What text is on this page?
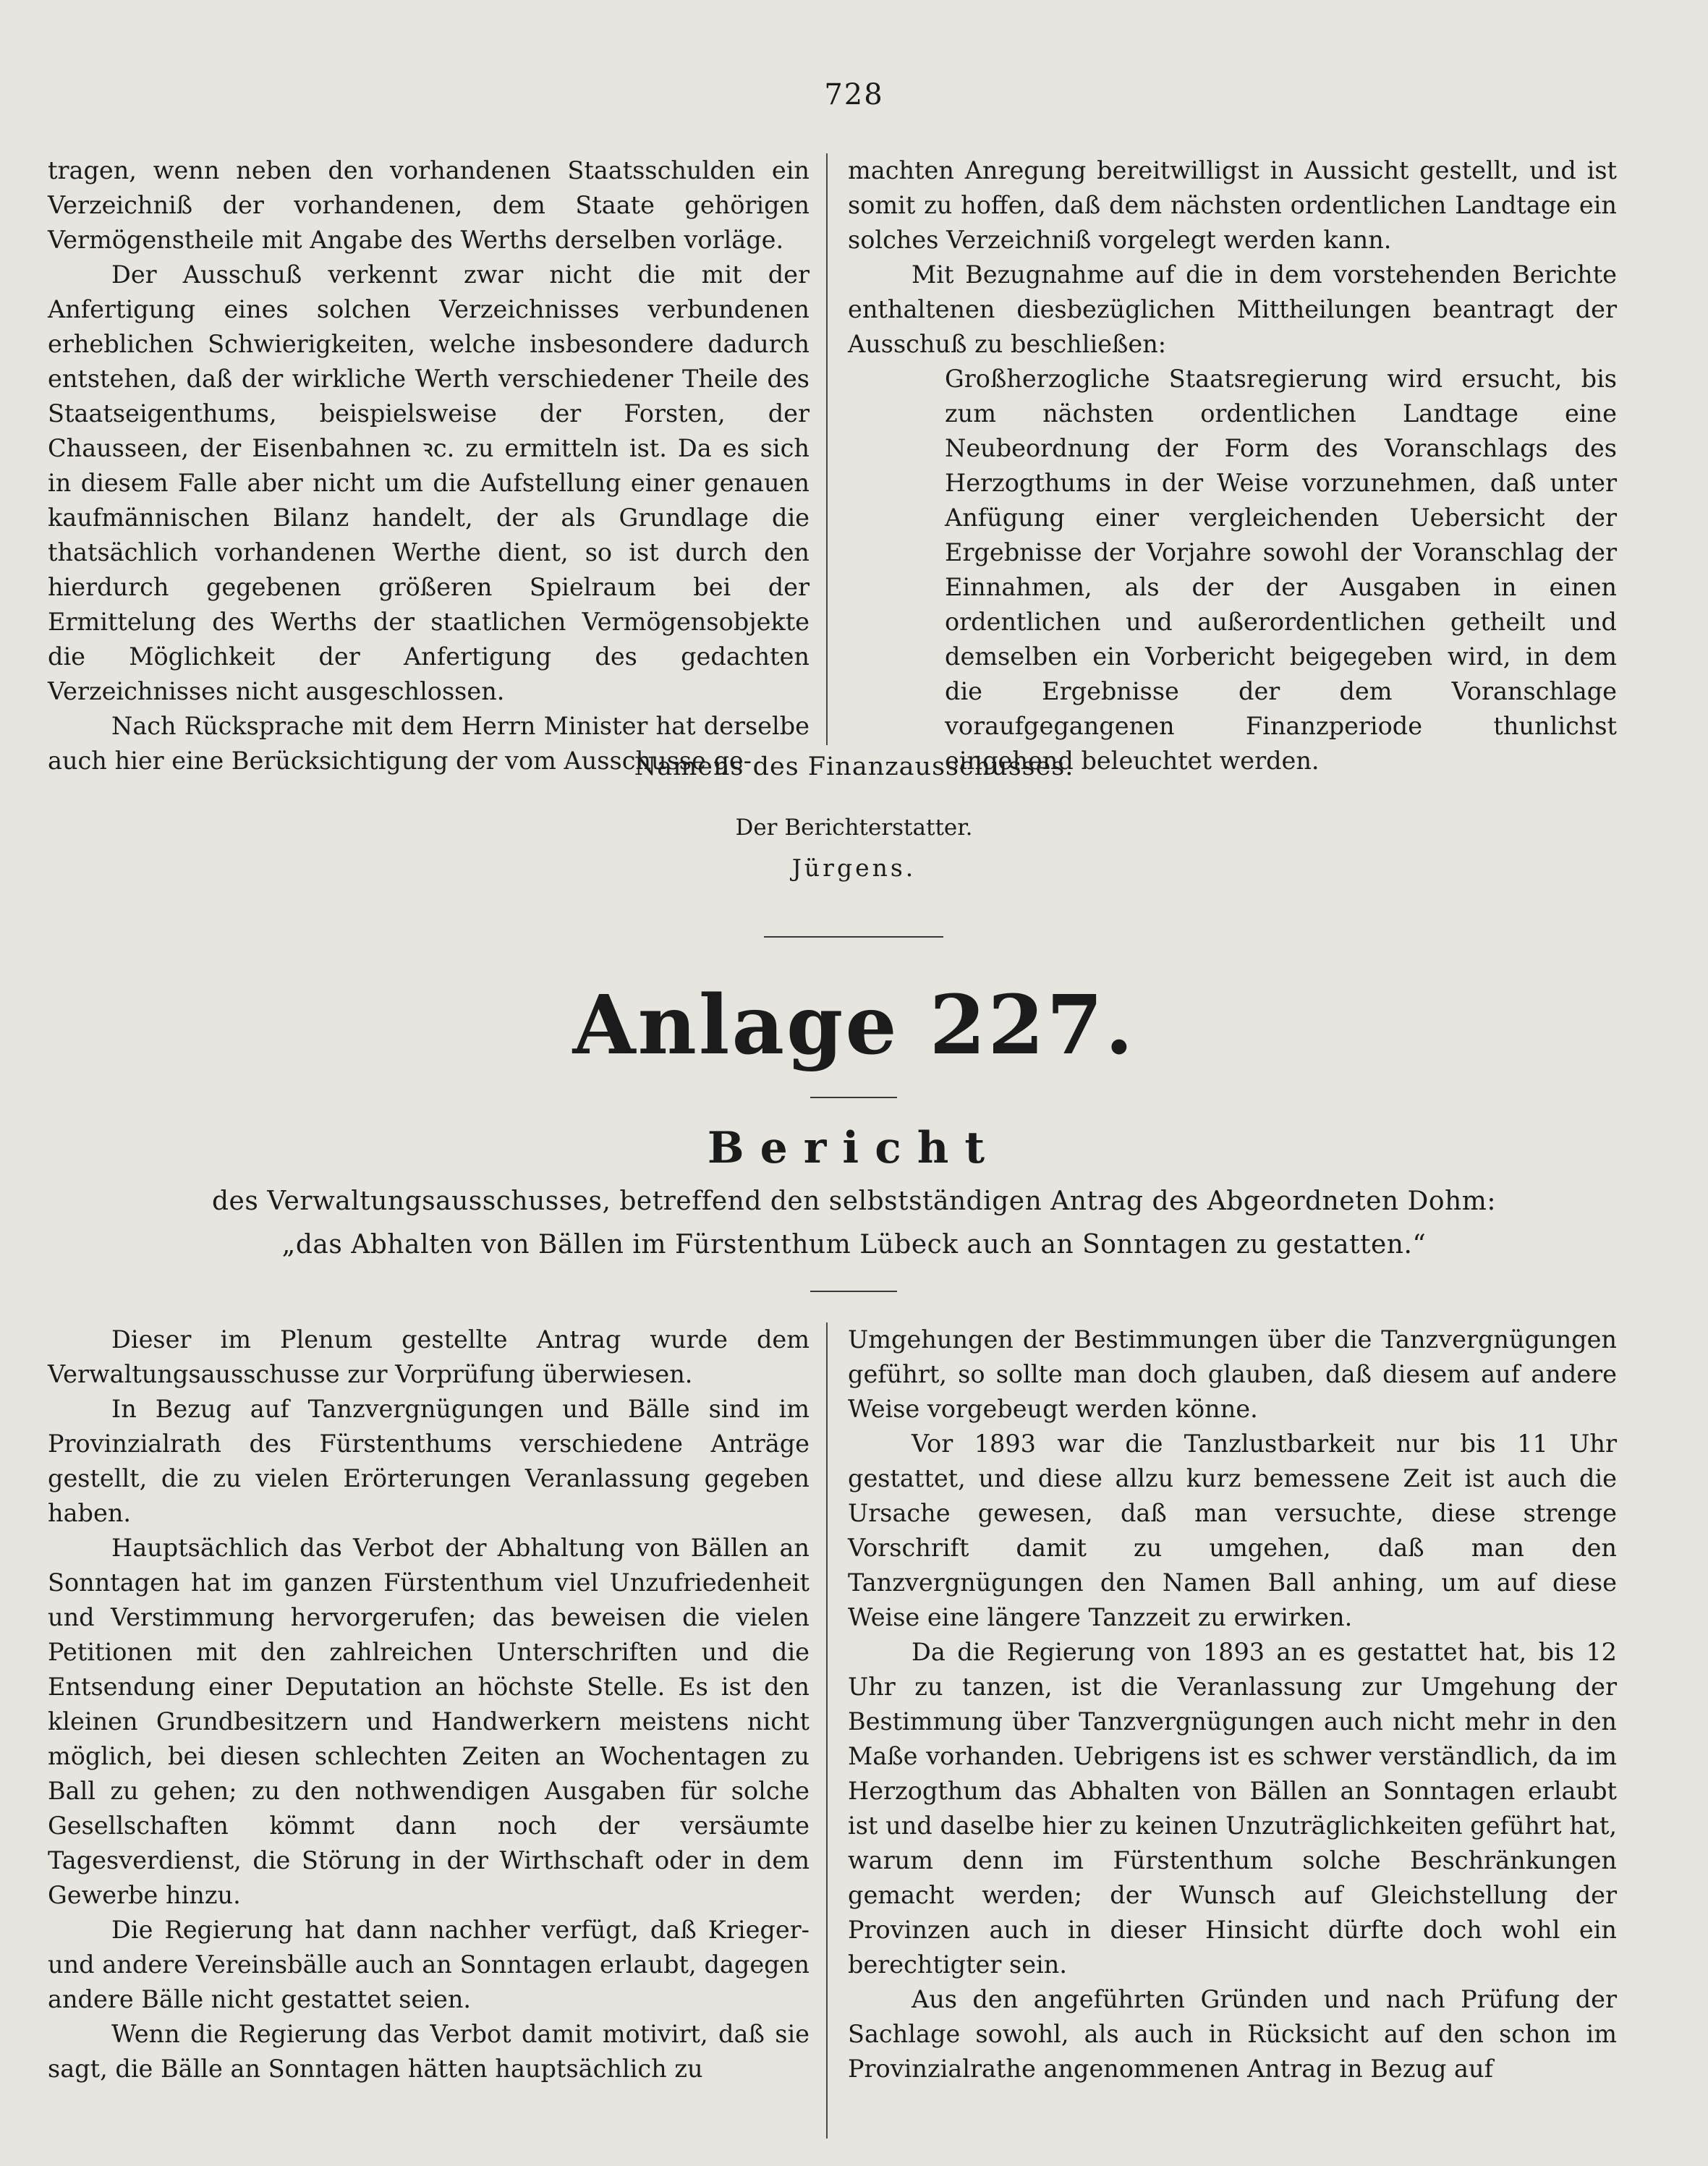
728

tragen, wenn neben den vorhandenen Staatsschulden ein Verzeichniß der vorhandenen, dem Staate gehörigen Vermögenstheile mit Angabe des Werths derselben vorläge.

Der Ausschuß verkennt zwar nicht die mit der Anfertigung eines solchen Verzeichnisses verbundenen erheblichen Schwierigkeiten, welche insbesondere dadurch entstehen, daß der wirkliche Werth verschiedener Theile des Staatseigenthums, beispielsweise der Forsten, der Chausseen, der Eisenbahnen ꝛc. zu ermitteln ist. Da es sich in diesem Falle aber nicht um die Aufstellung einer genauen kaufmännischen Bilanz handelt, der als Grundlage die thatsächlich vorhandenen Werthe dient, so ist durch den hierdurch gegebenen größeren Spielraum bei der Ermittelung des Werths der staatlichen Vermögensobjekte die Möglichkeit der Anfertigung des gedachten Verzeichnisses nicht ausgeschlossen.

Nach Rücksprache mit dem Herrn Minister hat derselbe auch hier eine Berücksichtigung der vom Ausschusse ge-

machten Anregung bereitwilligst in Aussicht gestellt, und ist somit zu hoffen, daß dem nächsten ordentlichen Landtage ein solches Verzeichniß vorgelegt werden kann.

Mit Bezugnahme auf die in dem vorstehenden Berichte enthaltenen diesbezüglichen Mittheilungen beantragt der Ausschuß zu beschließen:

Großherzogliche Staatsregierung wird ersucht, bis zum nächsten ordentlichen Landtage eine Neubeordnung der Form des Voranschlags des Herzogthums in der Weise vorzunehmen, daß unter Anfügung einer vergleichenden Uebersicht der Ergebnisse der Vorjahre sowohl der Voranschlag der Einnahmen, als der der Ausgaben in einen ordentlichen und außerordentlichen getheilt und demselben ein Vorbericht beigegeben wird, in dem die Ergebnisse der dem Voranschlage voraufgegangenen Finanzperiode thunlichst eingehend beleuchtet werden.

Namens des Finanzausschusses.
Der Berichterstatter.
Jürgens.
Anlage 227.
Bericht
des Verwaltungsausschusses, betreffend den selbstständigen Antrag des Abgeordneten Dohm:
„das Abhalten von Bällen im Fürstenthum Lübeck auch an Sonntagen zu gestatten.“

Dieser im Plenum gestellte Antrag wurde dem Verwaltungsausschusse zur Vorprüfung überwiesen.

In Bezug auf Tanzvergnügungen und Bälle sind im Provinzialrath des Fürstenthums verschiedene Anträge gestellt, die zu vielen Erörterungen Veranlassung gegeben haben.

Hauptsächlich das Verbot der Abhaltung von Bällen an Sonntagen hat im ganzen Fürstenthum viel Unzufriedenheit und Verstimmung hervorgerufen; das beweisen die vielen Petitionen mit den zahlreichen Unterschriften und die Entsendung einer Deputation an höchste Stelle. Es ist den kleinen Grundbesitzern und Handwerkern meistens nicht möglich, bei diesen schlechten Zeiten an Wochentagen zu Ball zu gehen; zu den nothwendigen Ausgaben für solche Gesellschaften kömmt dann noch der versäumte Tagesverdienst, die Störung in der Wirthschaft oder in dem Gewerbe hinzu.

Die Regierung hat dann nachher verfügt, daß Krieger- und andere Vereinsbälle auch an Sonntagen erlaubt, dagegen andere Bälle nicht gestattet seien.

Wenn die Regierung das Verbot damit motivirt, daß sie sagt, die Bälle an Sonntagen hätten hauptsächlich zu

Umgehungen der Bestimmungen über die Tanzvergnügungen geführt, so sollte man doch glauben, daß diesem auf andere Weise vorgebeugt werden könne.

Vor 1893 war die Tanzlustbarkeit nur bis 11 Uhr gestattet, und diese allzu kurz bemessene Zeit ist auch die Ursache gewesen, daß man versuchte, diese strenge Vorschrift damit zu umgehen, daß man den Tanzvergnügungen den Namen Ball anhing, um auf diese Weise eine längere Tanzzeit zu erwirken.

Da die Regierung von 1893 an es gestattet hat, bis 12 Uhr zu tanzen, ist die Veranlassung zur Umgehung der Bestimmung über Tanzvergnügungen auch nicht mehr in den Maße vorhanden. Uebrigens ist es schwer verständlich, da im Herzogthum das Abhalten von Bällen an Sonntagen erlaubt ist und daselbe hier zu keinen Unzuträglichkeiten geführt hat, warum denn im Fürstenthum solche Beschränkungen gemacht werden; der Wunsch auf Gleichstellung der Provinzen auch in dieser Hinsicht dürfte doch wohl ein berechtigter sein.

Aus den angeführten Gründen und nach Prüfung der Sachlage sowohl, als auch in Rücksicht auf den schon im Provinzialrathe angenommenen Antrag in Bezug auf
